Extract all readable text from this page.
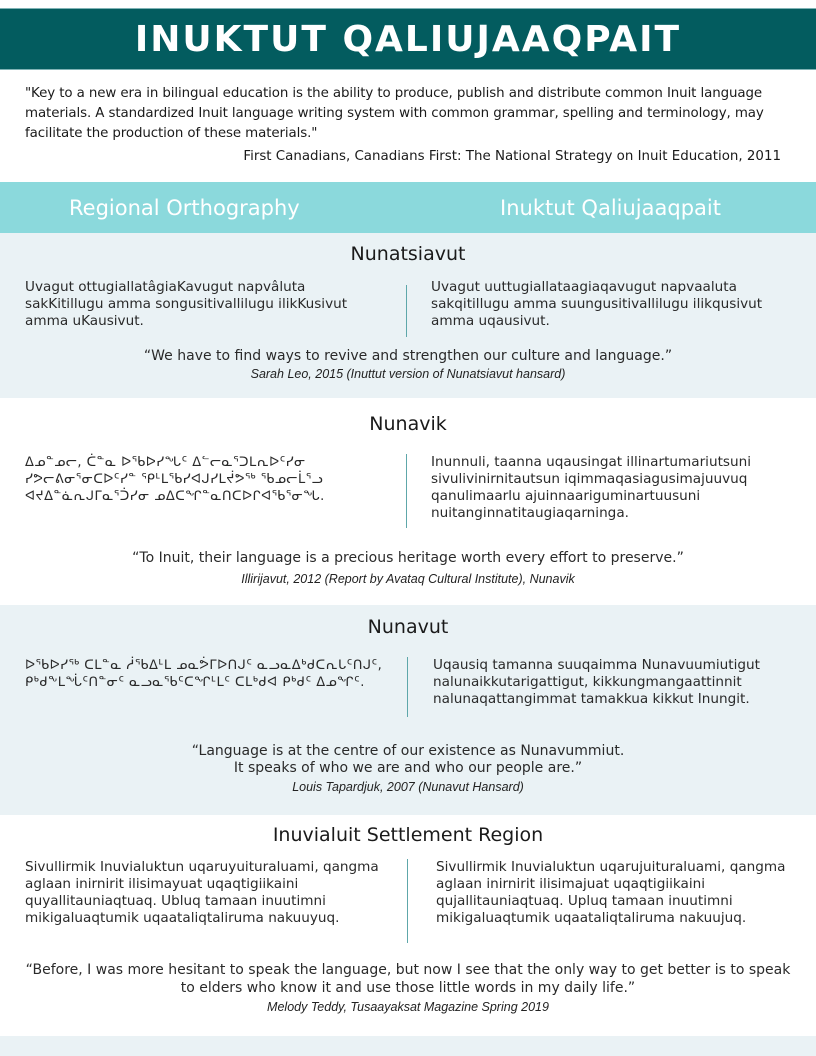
INUKTUT QALIUJAAQPAIT

"Key to a new era in bilingual education is the ability to produce, publish and distribute common Inuit language materials. A standardized Inuit language writing system with common grammar, spelling and terminology, may facilitate the production of these materials."

First Canadians, Canadians First: The National Strategy on Inuit Education, 2011

Regional Orthography	Inuktut Qaliujaaqpait
Nunatsiavut
Uvagut ottugiallatâgiaKavugut napvâluta sakKitillugu amma songusitivallilugu ilikKusivut amma uKausivut.
Uvagut uuttugiallataagiaqavugut napvaaluta sakqitillugu amma suungusitivallilugu ilikqusivut amma uqausivut.
“We have to find ways to revive and strengthen our culture and language.”
Sarah Leo, 2015 (Inuttut version of Nunatsiavut hansard)
Nunavik
ᐃᓄᓐᓄᓕ, ᑖᓐᓇ ᐅᖃᐅᓯᖓᑦ ᐃᓪᓕᓇᕐᑐᒪᕆᐅᑦᓯᓂ ᓯᕗᓕᕕᓂᕐᓂᑕᐅᑦᓯᓐ ᕿᒻᒪᖃᓯᐊᒍᓯᒪᔫᕗᖅ ᖃᓄᓕᒫᕐᓗ ᐊᔪᐃᓐᓈᕆᒍᒥᓇᕐᑑᓯᓂ ᓄᐃᑕᖏᓐᓇᑎᑕᐅᒋᐊᖃᕐᓂᖓ.
Inunnuli, taanna uqausingat illinartumariutsuni sivulivinirnitautsun iqimmaqasiagusimajuuvuq qanulimaarlu ajuinnaariguminartuusuni nuitanginnatitaugiaqarninga.
“To Inuit, their language is a precious heritage worth every effort to preserve.”
Illirijavut, 2012 (Report by Avataq Cultural Institute), Nunavik
Nunavut
ᐅᖃᐅᓯᖅ ᑕᒪᓐᓇ ᓲᖃᐃᒻᒪ ᓄᓇᕘᒥᐅᑎᒍᑦ ᓇᓗᓇᐃᒃᑯᑕᕆᒐᑦᑎᒍᑦ, ᑭᒃᑯᖕᒪᖔᑦᑎᓐᓂᑦ ᓇᓗᓇᖃᑦᑕᖏᒻᒪᑦ ᑕᒪᒃᑯᐊ ᑭᒃᑯᑦ ᐃᓄᖏᑦ.
Uqausiq tamanna suuqaimma Nunavuumiutigut nalunaikkutarigattigut, kikkungmangaattinnit nalunaqattangimmat tamakkua kikkut Inungit.
“Language is at the centre of our existence as Nunavummiut.
It speaks of who we are and who our people are.”
Louis Tapardjuk, 2007 (Nunavut Hansard)
Inuvialuit Settlement Region
Sivullirmik Inuvialuktun uqaruyuituraluami, qangma aglaan inirnirit ilisimayuat uqaqtigiikaini quyallitauniaqtuaq. Ubluq tamaan inuutimni mikigaluaqtumik uqaataliqtaliruma nakuuyuq.
Sivullirmik Inuvialuktun uqarujuituraluami, qangma aglaan inirnirit ilisimajuat uqaqtigiikaini qujallitauniaqtuaq. Upluq tamaan inuutimni mikigaluaqtumik uqaataliqtaliruma nakuujuq.
“Before, I was more hesitant to speak the language, but now I see that the only way to get better is to speak to elders who know it and use those little words in my daily life.”
Melody Teddy, Tusaayaksat Magazine Spring 2019
